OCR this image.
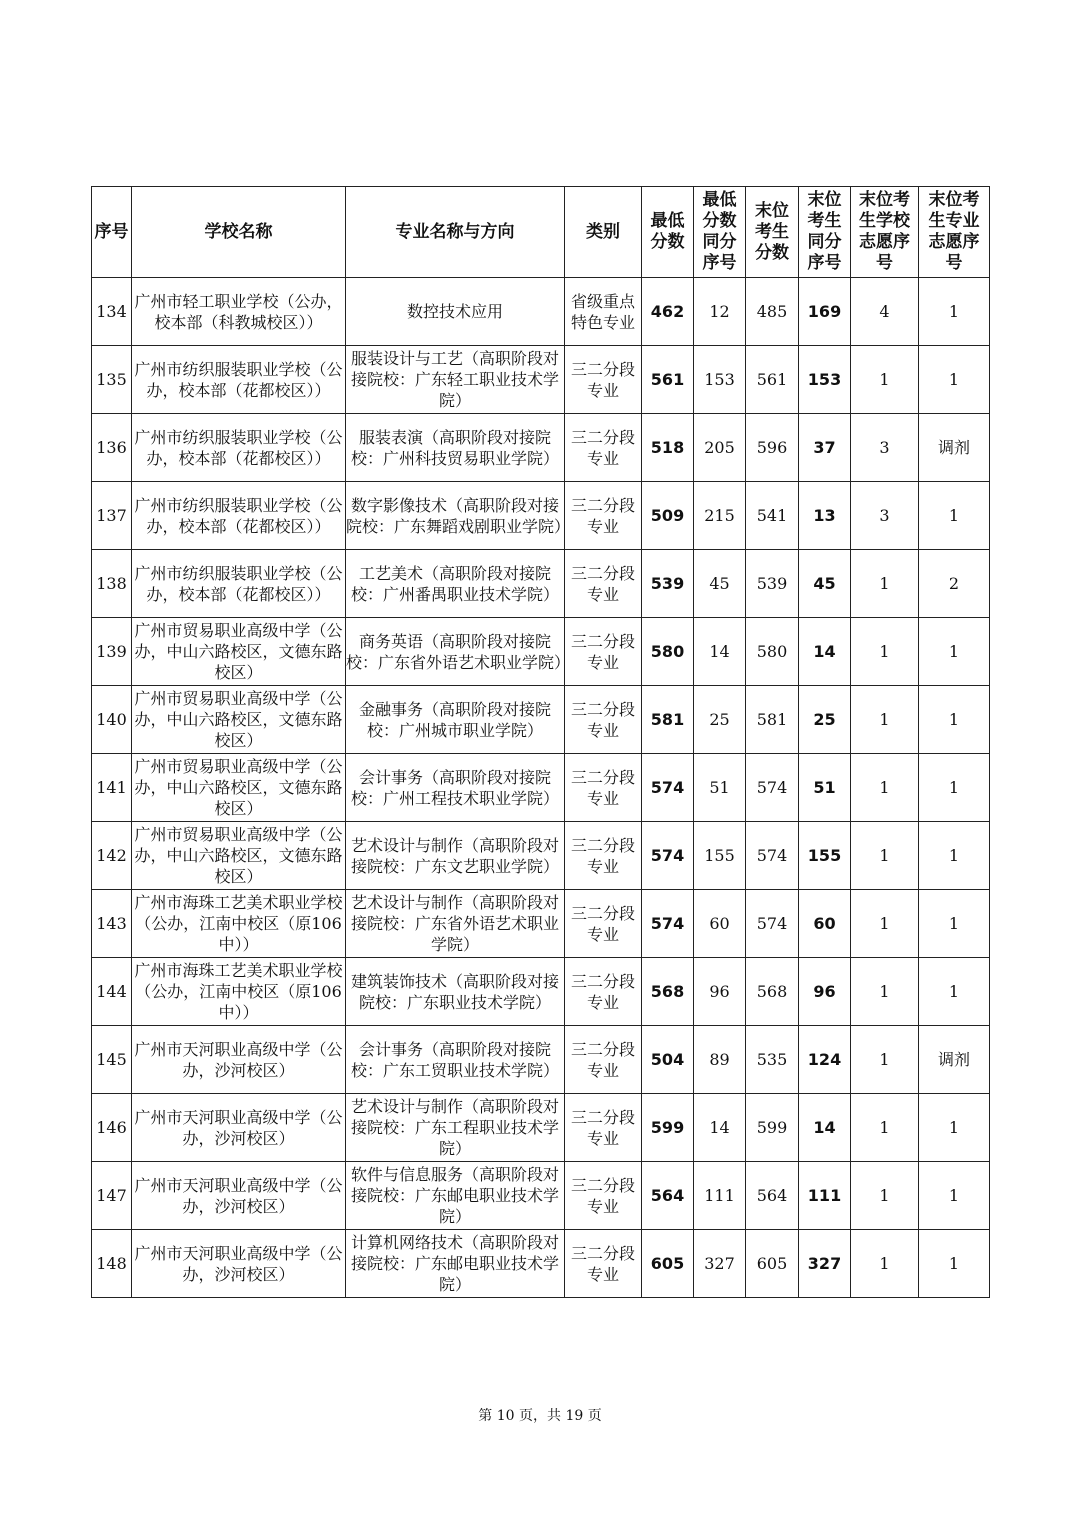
序号	学校名称	专业名称与方向	类别	最低分数	最低分数同分序号	末位考生分数	末位考生同分序号	末位考生学校志愿序号	末位考生专业志愿序号
134	广州市轻工职业学校（公办，校本部（科教城校区））	数控技术应用	省级重点特色专业	462	12	485	169	4	1
135	广州市纺织服装职业学校（公办，校本部（花都校区））	服装设计与工艺（高职阶段对接院校：广东轻工职业技术学院）	三二分段专业	561	153	561	153	1	1
136	广州市纺织服装职业学校（公办，校本部（花都校区））	服装表演（高职阶段对接院校：广州科技贸易职业学院）	三二分段专业	518	205	596	37	3	调剂
137	广州市纺织服装职业学校（公办，校本部（花都校区））	数字影像技术（高职阶段对接院校：广东舞蹈戏剧职业学院）	三二分段专业	509	215	541	13	3	1
138	广州市纺织服装职业学校（公办，校本部（花都校区））	工艺美术（高职阶段对接院校：广州番禺职业技术学院）	三二分段专业	539	45	539	45	1	2
139	广州市贸易职业高级中学（公办，中山六路校区，文德东路校区）	商务英语（高职阶段对接院校：广东省外语艺术职业学院）	三二分段专业	580	14	580	14	1	1
140	广州市贸易职业高级中学（公办，中山六路校区，文德东路校区）	金融事务（高职阶段对接院校：广州城市职业学院）	三二分段专业	581	25	581	25	1	1
141	广州市贸易职业高级中学（公办，中山六路校区，文德东路校区）	会计事务（高职阶段对接院校：广州工程技术职业学院）	三二分段专业	574	51	574	51	1	1
142	广州市贸易职业高级中学（公办，中山六路校区，文德东路校区）	艺术设计与制作（高职阶段对接院校：广东文艺职业学院）	三二分段专业	574	155	574	155	1	1
143	广州市海珠工艺美术职业学校（公办，江南中校区（原106中））	艺术设计与制作（高职阶段对接院校：广东省外语艺术职业学院）	三二分段专业	574	60	574	60	1	1
144	广州市海珠工艺美术职业学校（公办，江南中校区（原106中））	建筑装饰技术（高职阶段对接院校：广东职业技术学院）	三二分段专业	568	96	568	96	1	1
145	广州市天河职业高级中学（公办，沙河校区）	会计事务（高职阶段对接院校：广东工贸职业技术学院）	三二分段专业	504	89	535	124	1	调剂
146	广州市天河职业高级中学（公办，沙河校区）	艺术设计与制作（高职阶段对接院校：广东工程职业技术学院）	三二分段专业	599	14	599	14	1	1
147	广州市天河职业高级中学（公办，沙河校区）	软件与信息服务（高职阶段对接院校：广东邮电职业技术学院）	三二分段专业	564	111	564	111	1	1
148	广州市天河职业高级中学（公办，沙河校区）	计算机网络技术（高职阶段对接院校：广东邮电职业技术学院）	三二分段专业	605	327	605	327	1	1
第 10 页，共 19 页
